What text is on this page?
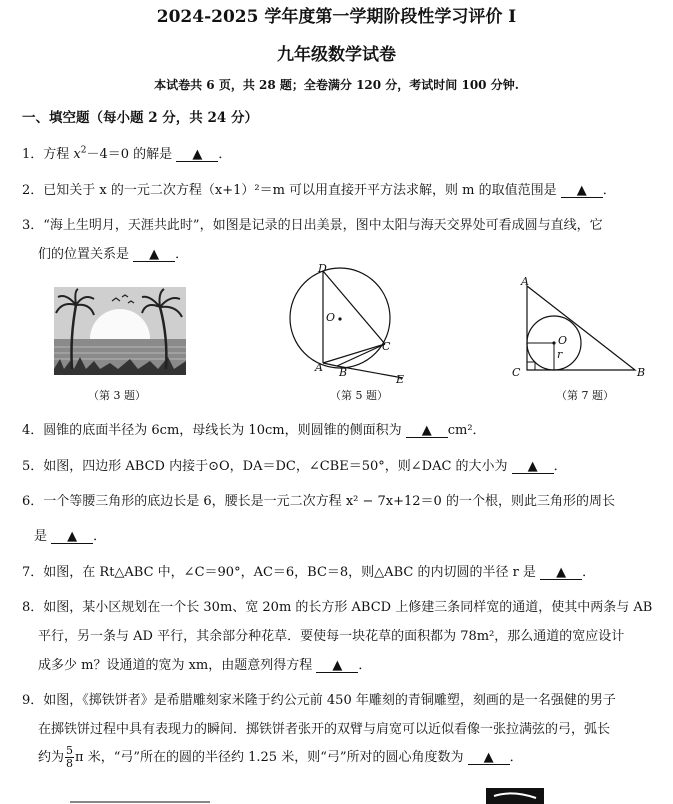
2024-2025 学年度第一学期阶段性学习评价 I
九年级数学试卷
本试卷共 6 页，共 28 题；全卷满分 120 分，考试时间 100 分钟.
一、填空题（每小题 2 分，共 24 分）
1．方程 $x^2-4=0$ 的解是 ▲ ．
2．已知关于 x 的一元二次方程（x+1）²＝m 可以用直接开平方法求解，则 m 的取值范围是 ▲ ．
3．“海上生明月，天涯共此时”，如图是记录的日出美景，图中太阳与海天交界处可看成圆与直线，它
们的位置关系是 ▲ ．
（第 3 题）
D
O
C
A B
E
（第 5 题）
A
O
r
C	B
（第 7 题）
4．圆锥的底面半径为 6cm，母线长为 10cm，则圆锥的侧面积为 ▲ cm²．
5．如图，四边形 ABCD 内接于⊙O，DA＝DC，∠CBE＝50°，则∠DAC 的大小为 ▲ ．
6．一个等腰三角形的底边长是 6，腰长是一元二次方程 x² − 7x+12＝0 的一个根，则此三角形的周长
是 ▲ ．
7．如图，在 Rt△ABC 中，∠C＝90°，AC＝6，BC＝8，则△ABC 的内切圆的半径 r 是 ▲ ．
8．如图，某小区规划在一个长 30m、宽 20m 的长方形 ABCD 上修建三条同样宽的通道，使其中两条与 AB
平行，另一条与 AD 平行，其余部分种花草．要使每一块花草的面积都为 78m²，那么通道的宽应设计
成多少 m？设通道的宽为 xm，由题意列得方程 ▲ ．
9．如图，《掷铁饼者》是希腊雕刻家米隆于约公元前 450 年雕刻的青铜雕塑，刻画的是一名强健的男子
在掷铁饼过程中具有表现力的瞬间．掷铁饼者张开的双臂与肩宽可以近似看像一张拉满弦的弓，弧长
约为 $\frac{5}{8}$ π 米，“弓”所在的圆的半径约 1.25 米，则“弓”所对的圆心角度数为 ▲ ．
